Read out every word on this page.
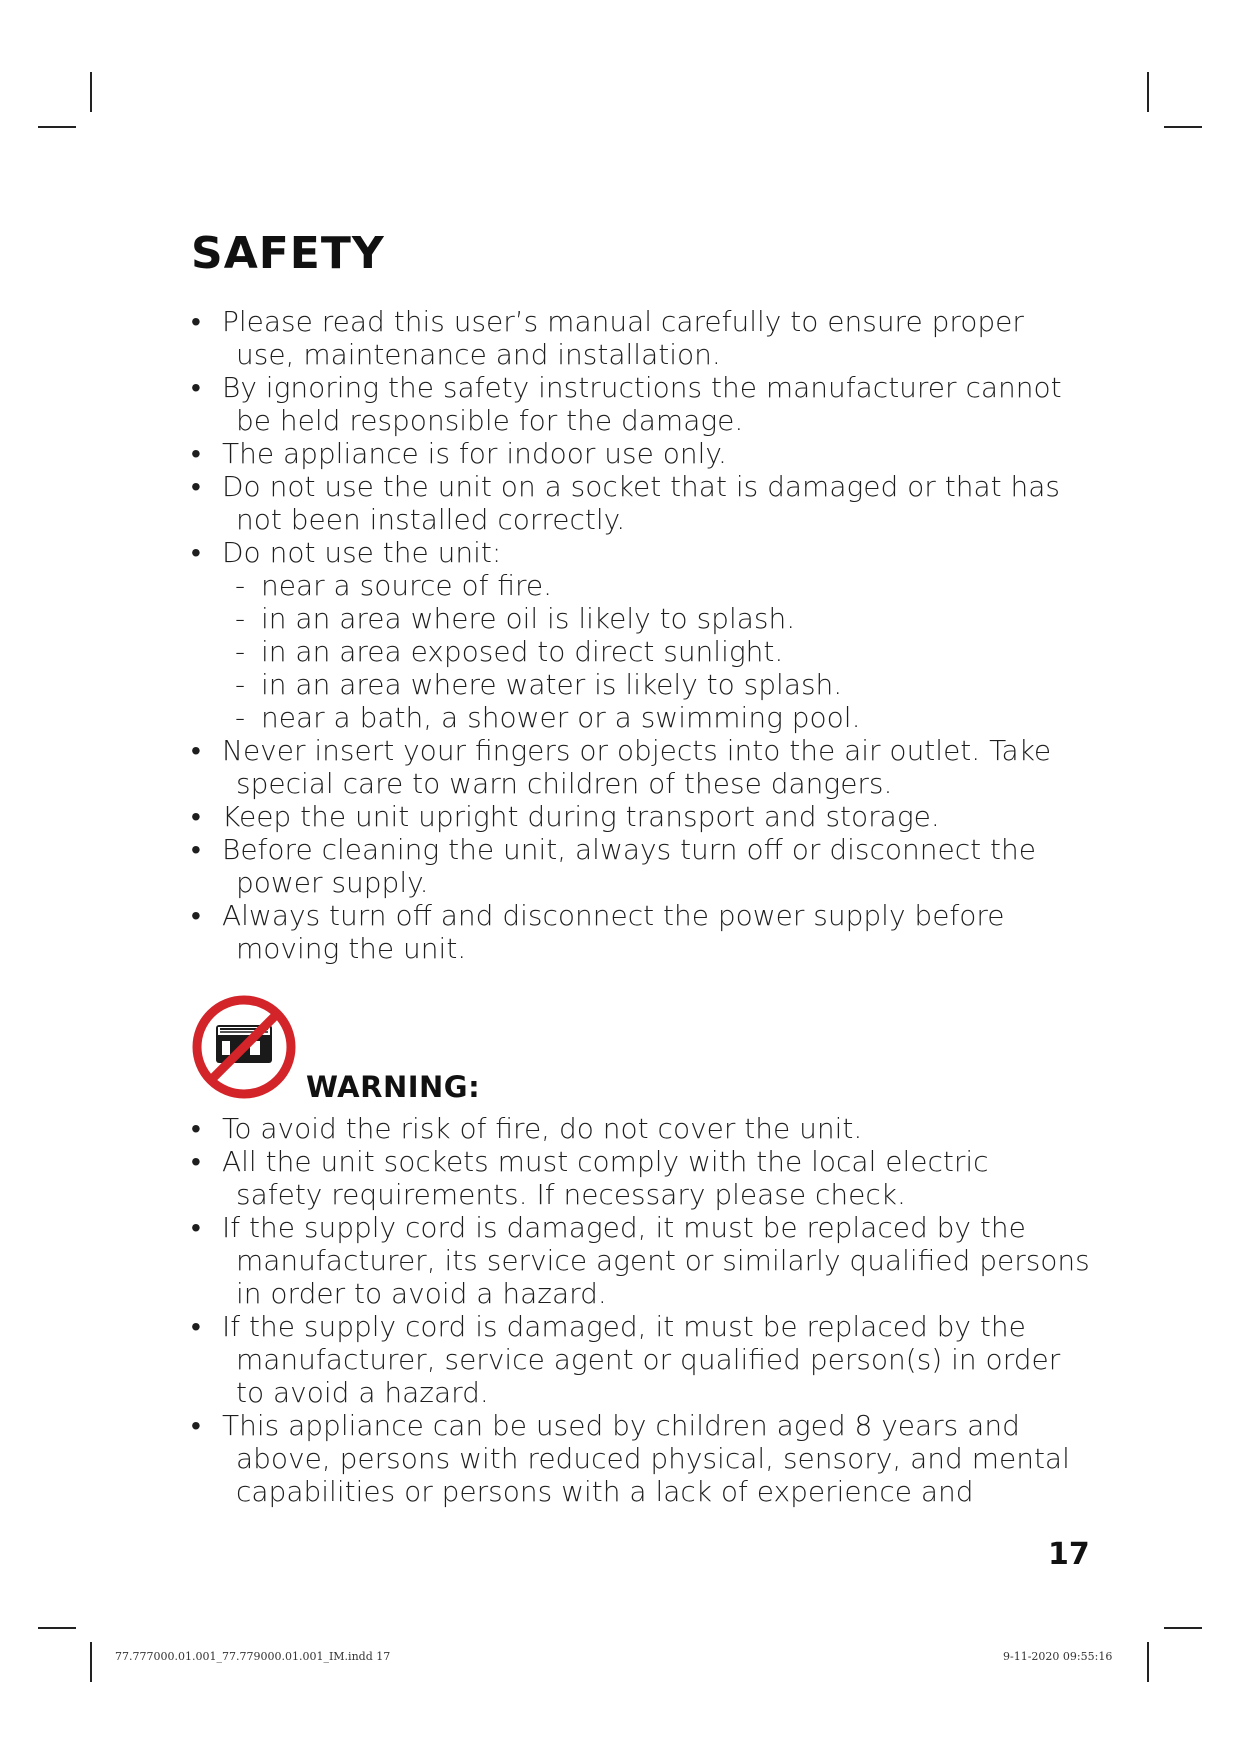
SAFETY
• Please read this user’s manual carefully to ensure proper
use, maintenance and installation.
• By ignoring the safety instructions the manufacturer cannot
be held responsible for the damage.
• The appliance is for indoor use only.
• Do not use the unit on a socket that is damaged or that has
not been installed correctly.
• Do not use the unit:
- near a source of fire.
- in an area where oil is likely to splash.
- in an area exposed to direct sunlight.
- in an area where water is likely to splash.
- near a bath, a shower or a swimming pool.
• Never insert your fingers or objects into the air outlet. Take
special care to warn children of these dangers.
• Keep the unit upright during transport and storage.
• Before cleaning the unit, always turn off or disconnect the
power supply.
• Always turn off and disconnect the power supply before
moving the unit.
WARNING:
• To avoid the risk of fire, do not cover the unit.
• All the unit sockets must comply with the local electric
safety requirements. If necessary please check.
• If the supply cord is damaged, it must be replaced by the
manufacturer, its service agent or similarly qualified persons
in order to avoid a hazard.
• If the supply cord is damaged, it must be replaced by the
manufacturer, service agent or qualified person(s) in order
to avoid a hazard.
• This appliance can be used by children aged 8 years and
above, persons with reduced physical, sensory, and mental
capabilities or persons with a lack of experience and
17
77.777000.01.001_77.779000.01.001_IM.indd 17	9-11-2020 09:55:16
